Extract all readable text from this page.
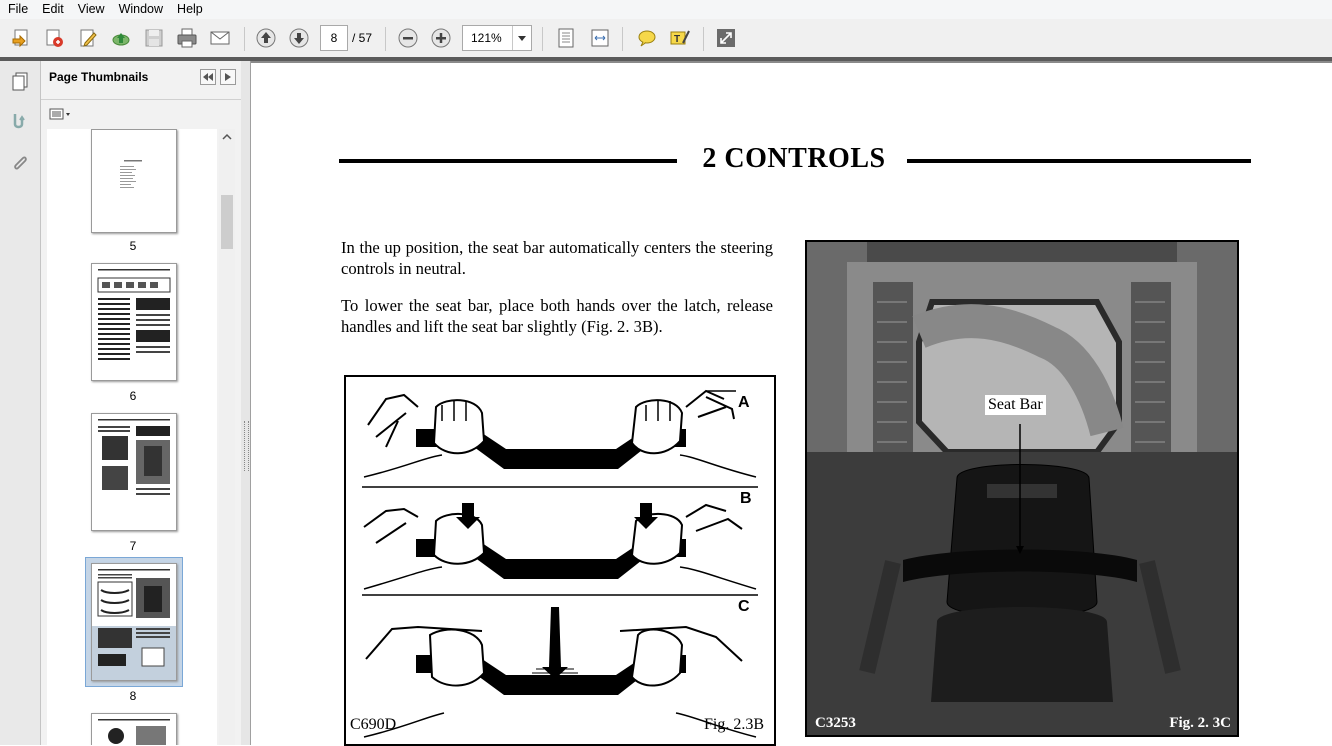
File	Edit	View	Window	Help
8	/ 57	121%	T
Page Thumbnails
5
6
7
8
2 CONTROLS
In the up position, the seat bar automatically centers the steering controls in neutral.
To lower the seat bar, place both hands over the latch, release handles and lift the seat bar slightly (Fig. 2. 3B).
A
B
C
C690D	Fig. 2.3B
Seat Bar
C3253	Fig. 2. 3C
